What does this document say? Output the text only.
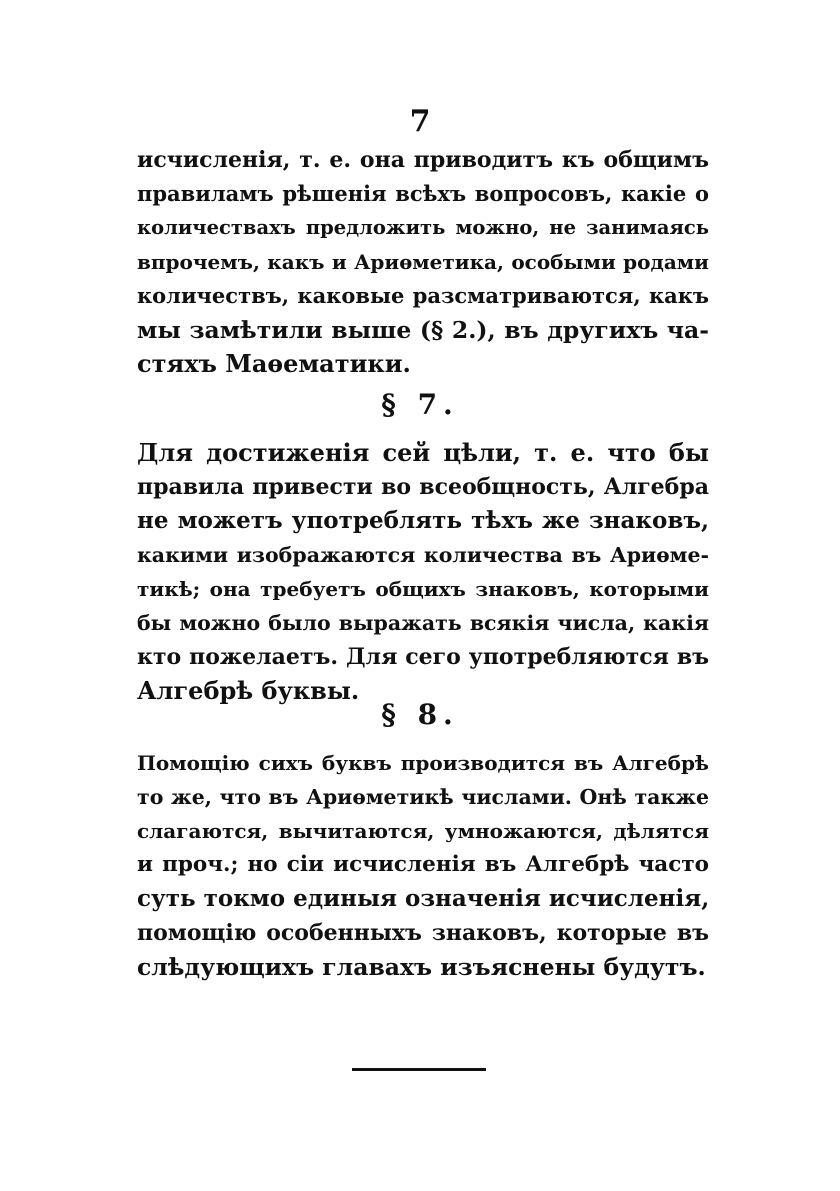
7
исчисленія, т. е. она приводитъ къ общимъ
правиламъ рѣшенія всѣхъ вопросовъ, какіе о
количествахъ предложить можно, не занимаясь
впрочемъ, какъ и Ариѳметика, особыми родами
количествъ, каковые разсматриваются, какъ
мы замѣтили выше (§ 2.), въ другихъ ча-
стяхъ Маѳематики.
§ 7.
Для достиженія сей цѣли, т. е. что бы
правила привести во всеобщность, Алгебра
не можетъ употреблять тѣхъ же знаковъ,
какими изображаются количества въ Ариѳме-
тикѣ; она требуетъ общихъ знаковъ, которыми
бы можно было выражать всякія числа, какія
кто пожелаетъ. Для сего употребляются въ
Алгебрѣ буквы.
§ 8.
Помощію сихъ буквъ производится въ Алгебрѣ
то же, что въ Ариѳметикѣ числами. Онѣ также
слагаются, вычитаются, умножаются, дѣлятся
и проч.; но сіи исчисленія въ Алгебрѣ часто
суть токмо единыя означенія исчисленія,
помощію особенныхъ знаковъ, которые въ
слѣдующихъ главахъ изъяснены будутъ.
